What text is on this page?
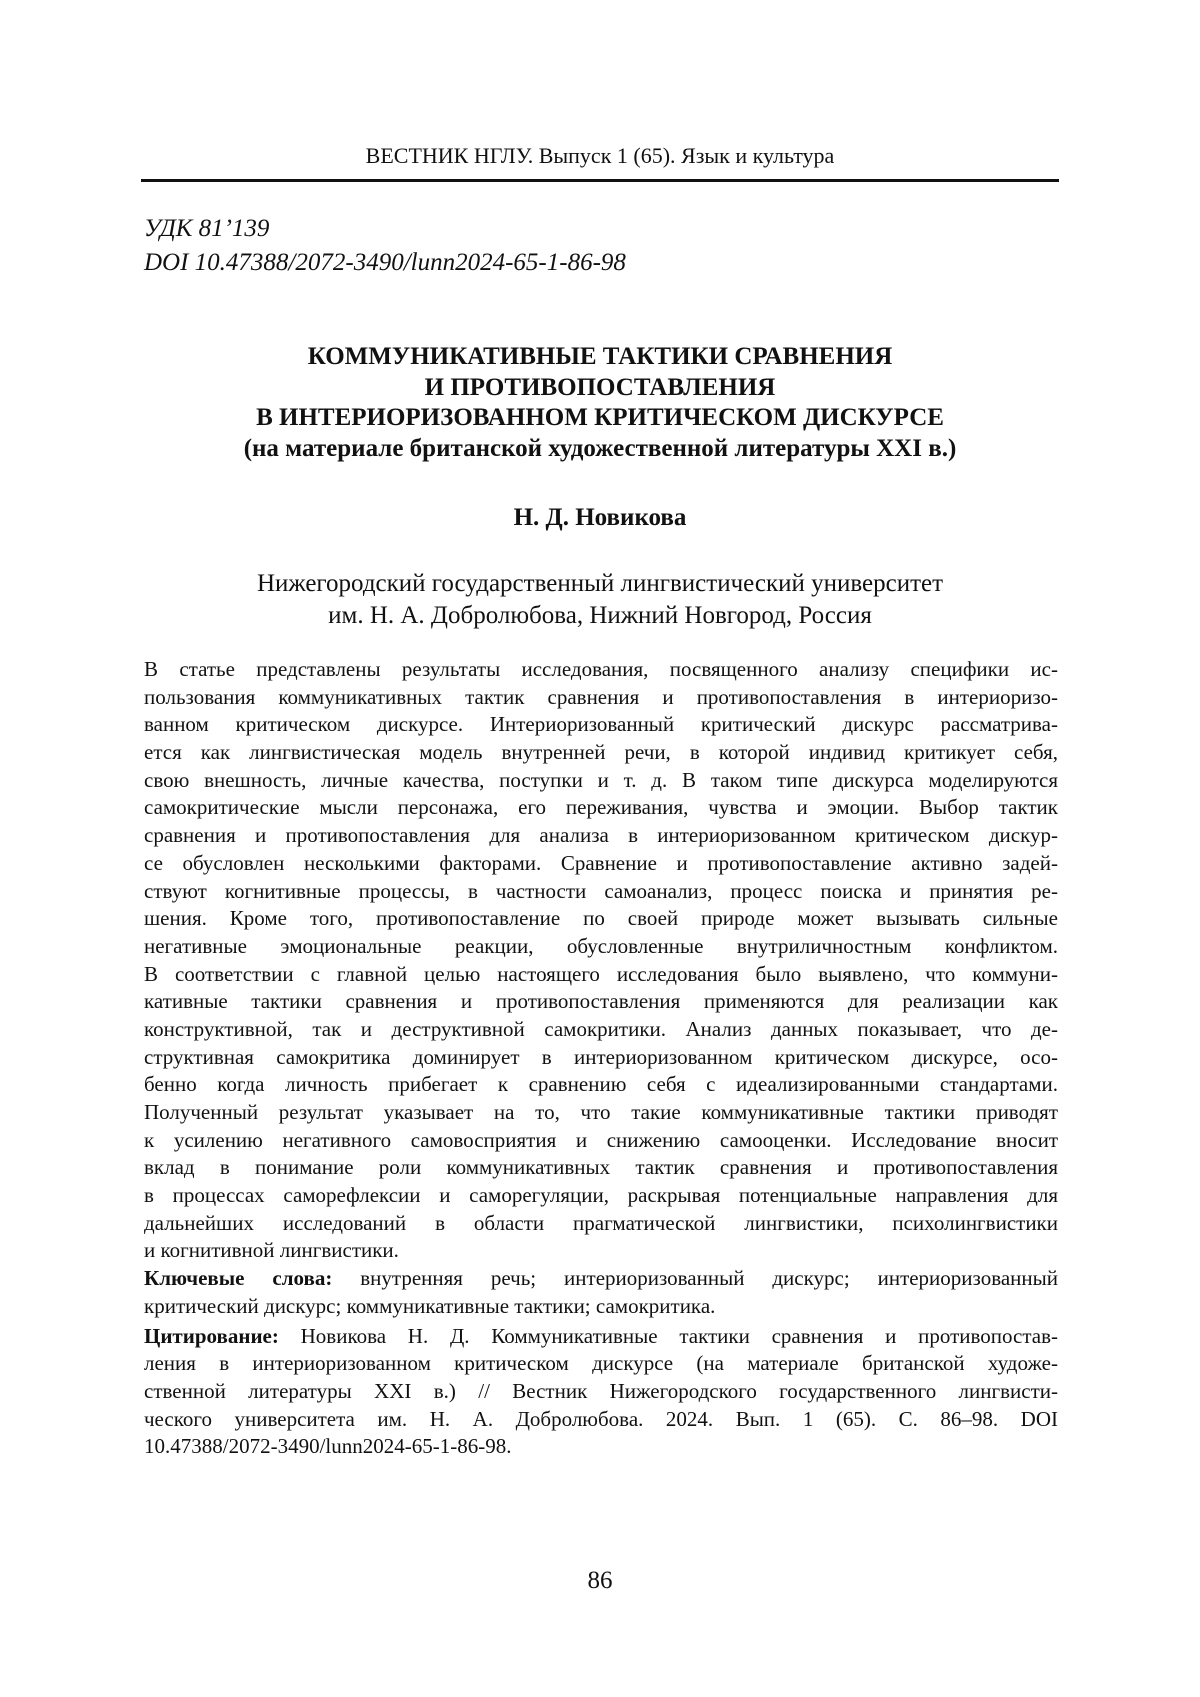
ВЕСТНИК НГЛУ. Выпуск 1 (65). Язык и культура
УДК 81’139
DOI 10.47388/2072-3490/lunn2024-65-1-86-98
КОММУНИКАТИВНЫЕ ТАКТИКИ СРАВНЕНИЯ
И ПРОТИВОПОСТАВЛЕНИЯ
В ИНТЕРИОРИЗОВАННОМ КРИТИЧЕСКОМ ДИСКУРСЕ
(на материале британской художественной литературы XXI в.)
Н. Д. Новикова
Нижегородский государственный лингвистический университет
им. Н. А. Добролюбова, Нижний Новгород, Россия
В статье представлены результаты исследования, посвященного анализу специфики ис-
пользования коммуникативных тактик сравнения и противопоставления в интериоризо-
ванном критическом дискурсе. Интериоризованный критический дискурс рассматрива-
ется как лингвистическая модель внутренней речи, в которой индивид критикует себя,
свою внешность, личные качества, поступки и т. д. В таком типе дискурса моделируются
самокритические мысли персонажа, его переживания, чувства и эмоции. Выбор тактик
сравнения и противопоставления для анализа в интериоризованном критическом дискур-
се обусловлен несколькими факторами. Сравнение и противопоставление активно задей-
ствуют когнитивные процессы, в частности самоанализ, процесс поиска и принятия ре-
шения. Кроме того, противопоставление по своей природе может вызывать сильные
негативные эмоциональные реакции, обусловленные внутриличностным конфликтом.
В соответствии с главной целью настоящего исследования было выявлено, что коммуни-
кативные тактики сравнения и противопоставления применяются для реализации как
конструктивной, так и деструктивной самокритики. Анализ данных показывает, что де-
структивная самокритика доминирует в интериоризованном критическом дискурсе, осо-
бенно когда личность прибегает к сравнению себя с идеализированными стандартами.
Полученный результат указывает на то, что такие коммуникативные тактики приводят
к усилению негативного самовосприятия и снижению самооценки. Исследование вносит
вклад в понимание роли коммуникативных тактик сравнения и противопоставления
в процессах саморефлексии и саморегуляции, раскрывая потенциальные направления для
дальнейших исследований в области прагматической лингвистики, психолингвистики
и когнитивной лингвистики.
Ключевые слова: внутренняя речь; интериоризованный дискурс; интериоризованный
критический дискурс; коммуникативные тактики; самокритика.
Цитирование: Новикова Н. Д. Коммуникативные тактики сравнения и противопостав-
ления в интериоризованном критическом дискурсе (на материале британской художе-
ственной литературы XXI в.) // Вестник Нижегородского государственного лингвисти-
ческого университета им. Н. А. Добролюбова. 2024. Вып. 1 (65). С. 86–98. DOI
10.47388/2072-3490/lunn2024-65-1-86-98.
86
